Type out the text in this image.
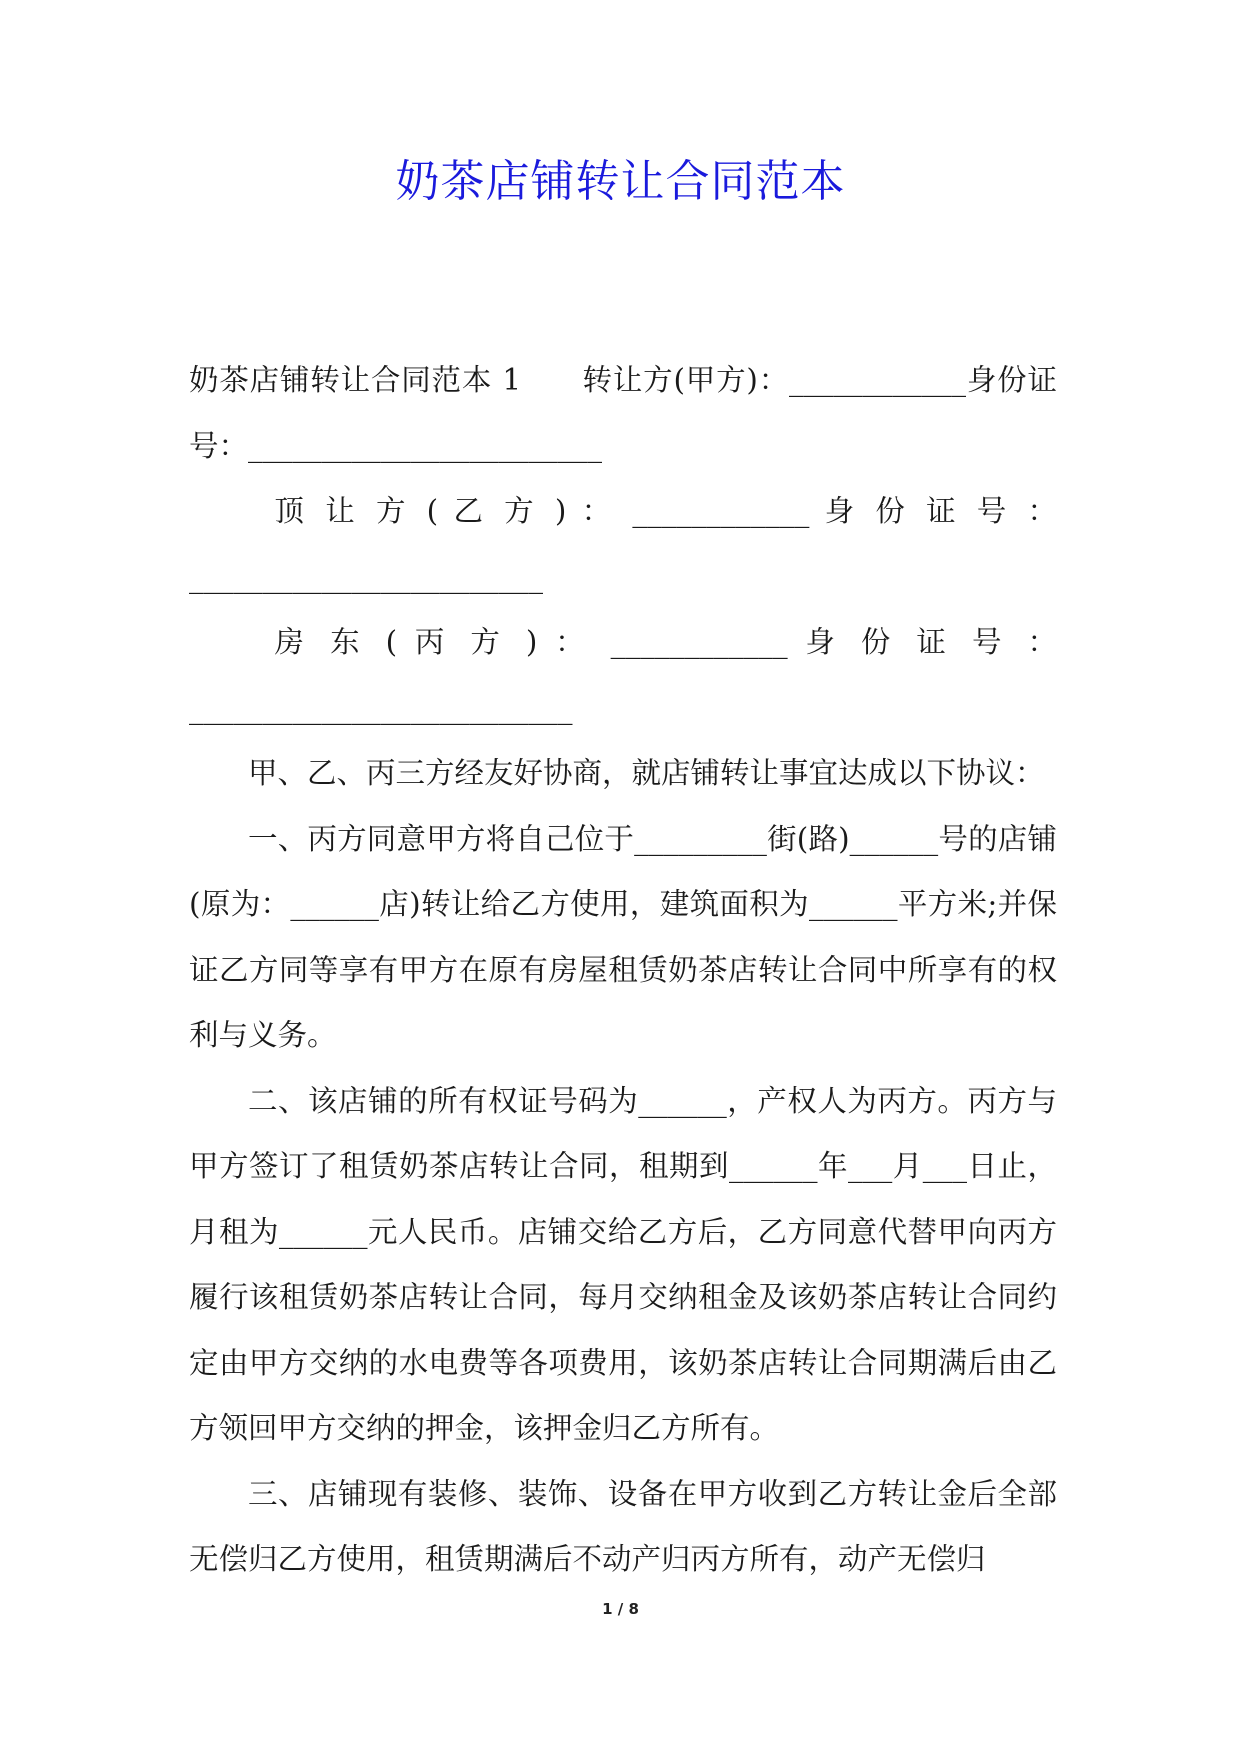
奶茶店铺转让合同范本

奶茶店铺转让合同范本 1　　转让方(甲方)：____________身份证号：________________________

顶 让 方 ( 乙 方 ) ： ____________ 身 份 证 号 ：

________________________

房 东 ( 丙 方 ) ： ____________ 身 份 证 号 ：

__________________________

甲、乙、丙三方经友好协商，就店铺转让事宜达成以下协议：

一、丙方同意甲方将自己位于_________街(路)______号的店铺(原为：______店)转让给乙方使用，建筑面积为______平方米;并保证乙方同等享有甲方在原有房屋租赁奶茶店转让合同中所享有的权利与义务。

二、该店铺的所有权证号码为______，产权人为丙方。丙方与甲方签订了租赁奶茶店转让合同，租期到______年___月___日止，月租为______元人民币。店铺交给乙方后，乙方同意代替甲向丙方履行该租赁奶茶店转让合同，每月交纳租金及该奶茶店转让合同约定由甲方交纳的水电费等各项费用，该奶茶店转让合同期满后由乙方领回甲方交纳的押金，该押金归乙方所有。

三、店铺现有装修、装饰、设备在甲方收到乙方转让金后全部无偿归乙方使用，租赁期满后不动产归丙方所有，动产无偿归

1 / 8
